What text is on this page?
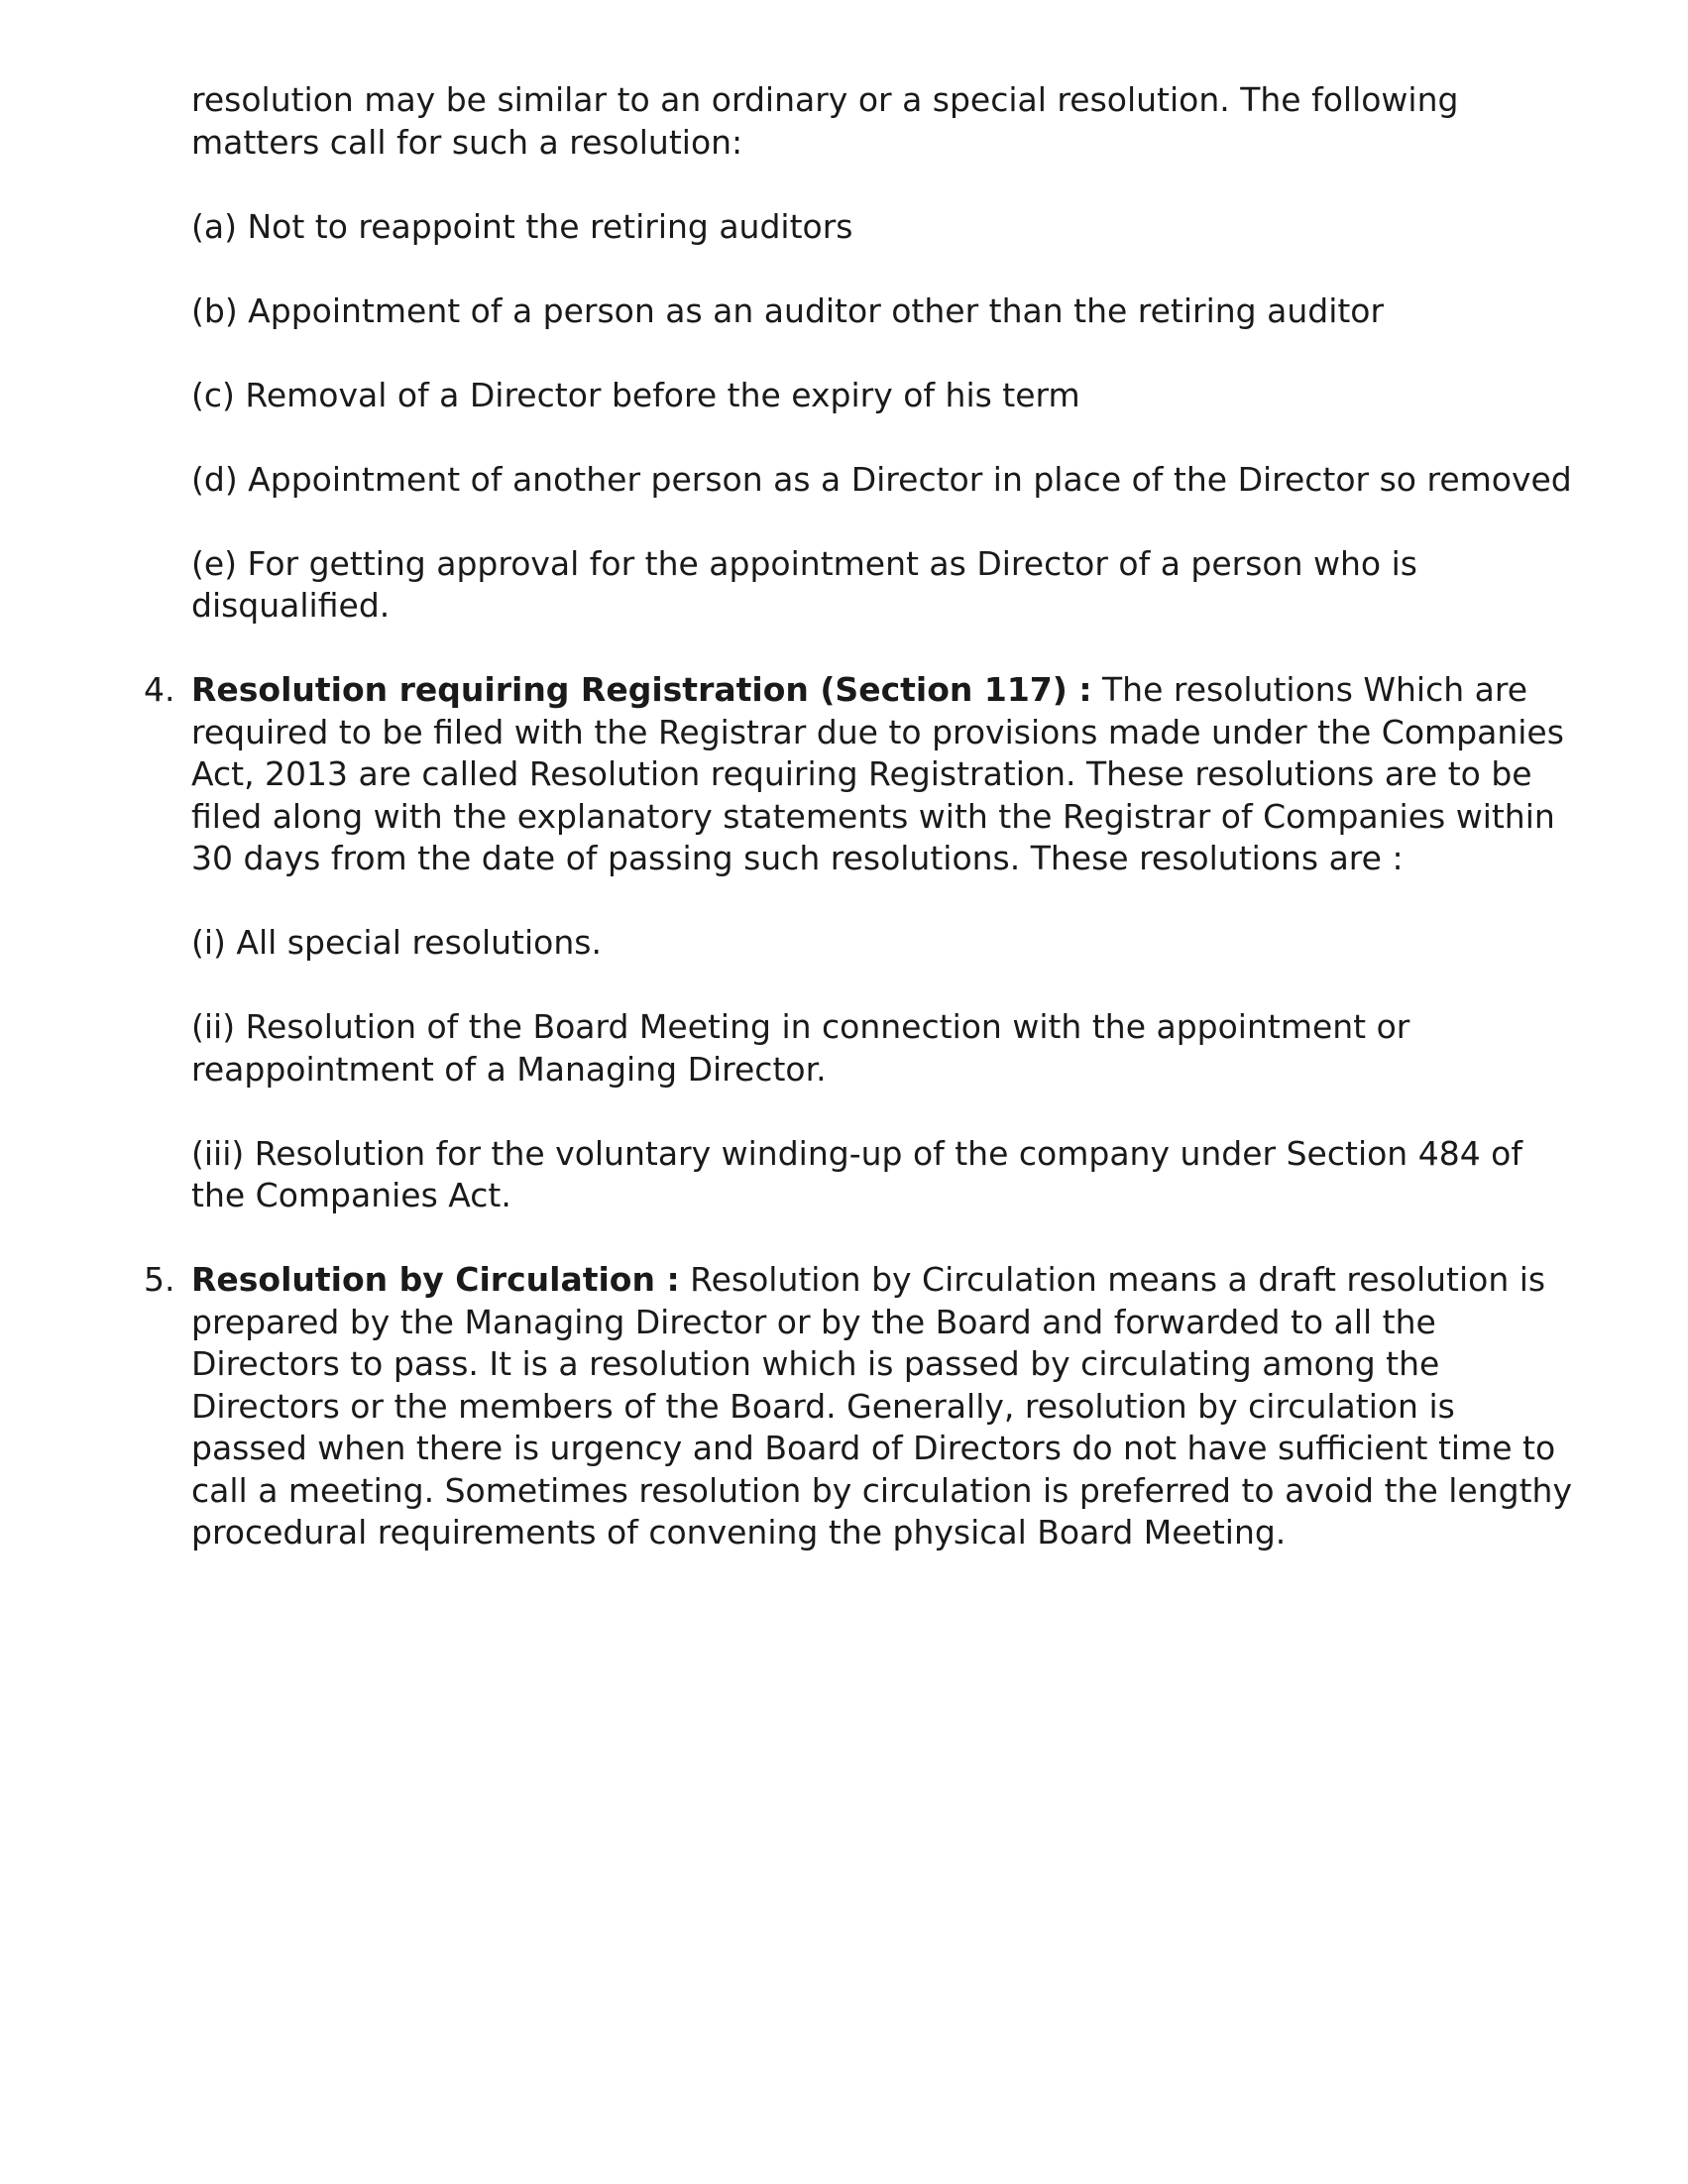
resolution may be similar to an ordinary or a special resolution. The following matters call for such a resolution:

(a) Not to reappoint the retiring auditors

(b) Appointment of a person as an auditor other than the retiring auditor

(c) Removal of a Director before the expiry of his term

(d) Appointment of another person as a Director in place of the Director so removed

(e) For getting approval for the appointment as Director of a person who is disqualified.

4. Resolution requiring Registration (Section 117) : The resolutions Which are required to be filed with the Registrar due to provisions made under the Companies Act, 2013 are called Resolution requiring Registration. These resolutions are to be filed along with the explanatory statements with the Registrar of Companies within 30 days from the date of passing such resolutions. These resolutions are :
(i) All special resolutions.
(ii) Resolution of the Board Meeting in connection with the appointment or reappointment of a Managing Director.
(iii) Resolution for the voluntary winding-up of the company under Section 484 of the Companies Act.
5. Resolution by Circulation : Resolution by Circulation means a draft resolution is prepared by the Managing Director or by the Board and forwarded to all the Directors to pass. It is a resolution which is passed by circulating among the Directors or the members of the Board. Generally, resolution by circulation is passed when there is urgency and Board of Directors do not have sufficient time to call a meeting. Sometimes resolution by circulation is preferred to avoid the lengthy procedural requirements of convening the physical Board Meeting.
